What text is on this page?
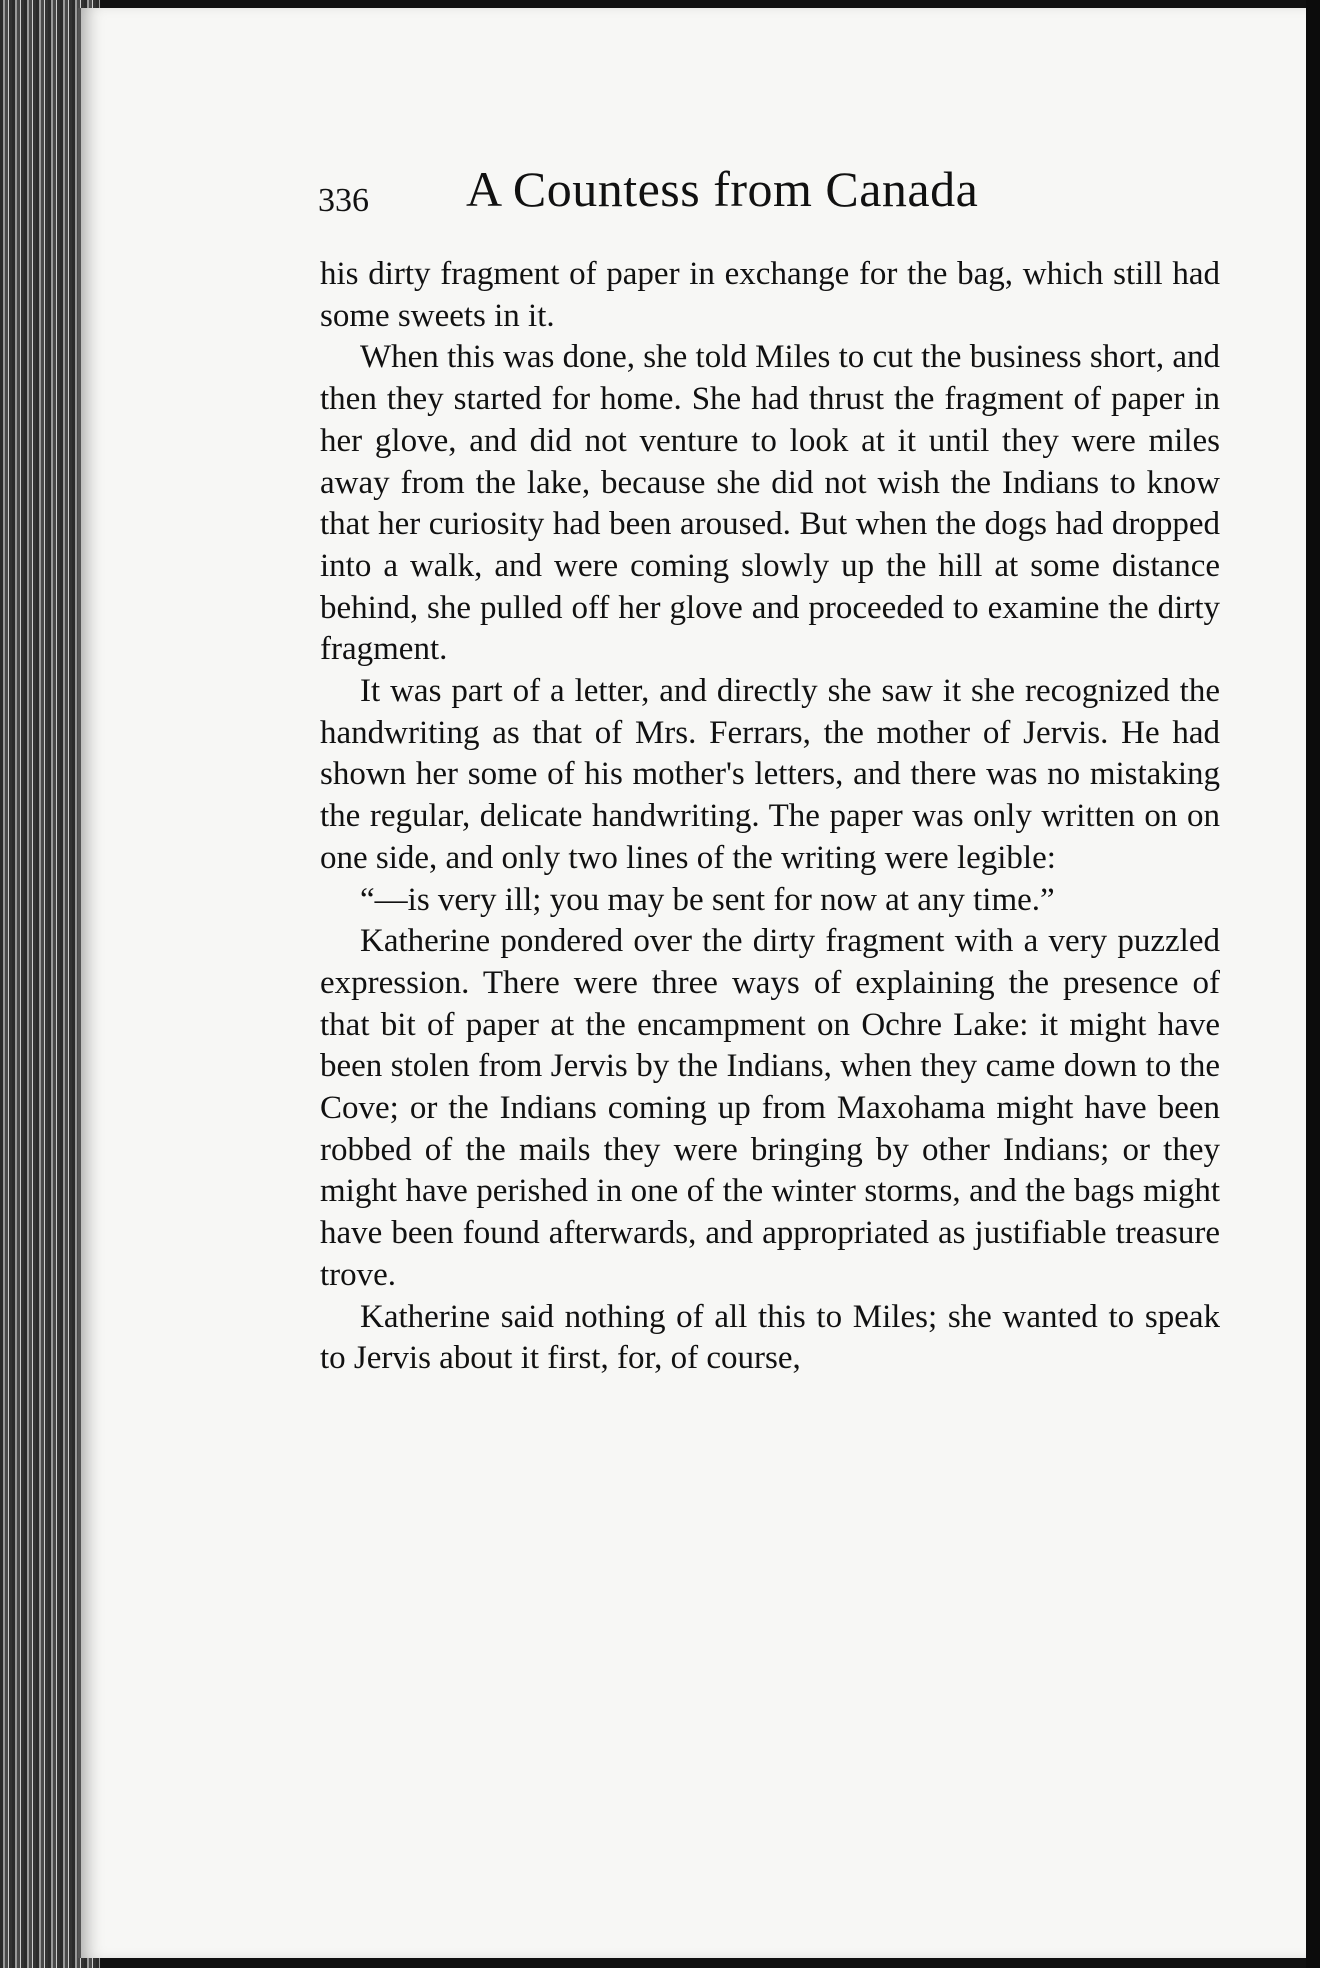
336 A Countess from Canada

his dirty fragment of paper in exchange for the bag, which still had some sweets in it.

When this was done, she told Miles to cut the business short, and then they started for home. She had thrust the fragment of paper in her glove, and did not venture to look at it until they were miles away from the lake, because she did not wish the Indians to know that her curiosity had been aroused. But when the dogs had dropped into a walk, and were coming slowly up the hill at some distance behind, she pulled off her glove and proceeded to examine the dirty fragment.

It was part of a letter, and directly she saw it she recognized the handwriting as that of Mrs. Ferrars, the mother of Jervis. He had shown her some of his mother's letters, and there was no mistaking the regular, delicate handwriting. The paper was only written on on one side, and only two lines of the writing were legible:

“—is very ill; you may be sent for now at any time.”

Katherine pondered over the dirty fragment with a very puzzled expression. There were three ways of explaining the presence of that bit of paper at the encampment on Ochre Lake: it might have been stolen from Jervis by the Indians, when they came down to the Cove; or the Indians coming up from Maxohama might have been robbed of the mails they were bringing by other Indians; or they might have perished in one of the winter storms, and the bags might have been found afterwards, and appropriated as justifiable treasure trove.

Katherine said nothing of all this to Miles; she wanted to speak to Jervis about it first, for, of course,
